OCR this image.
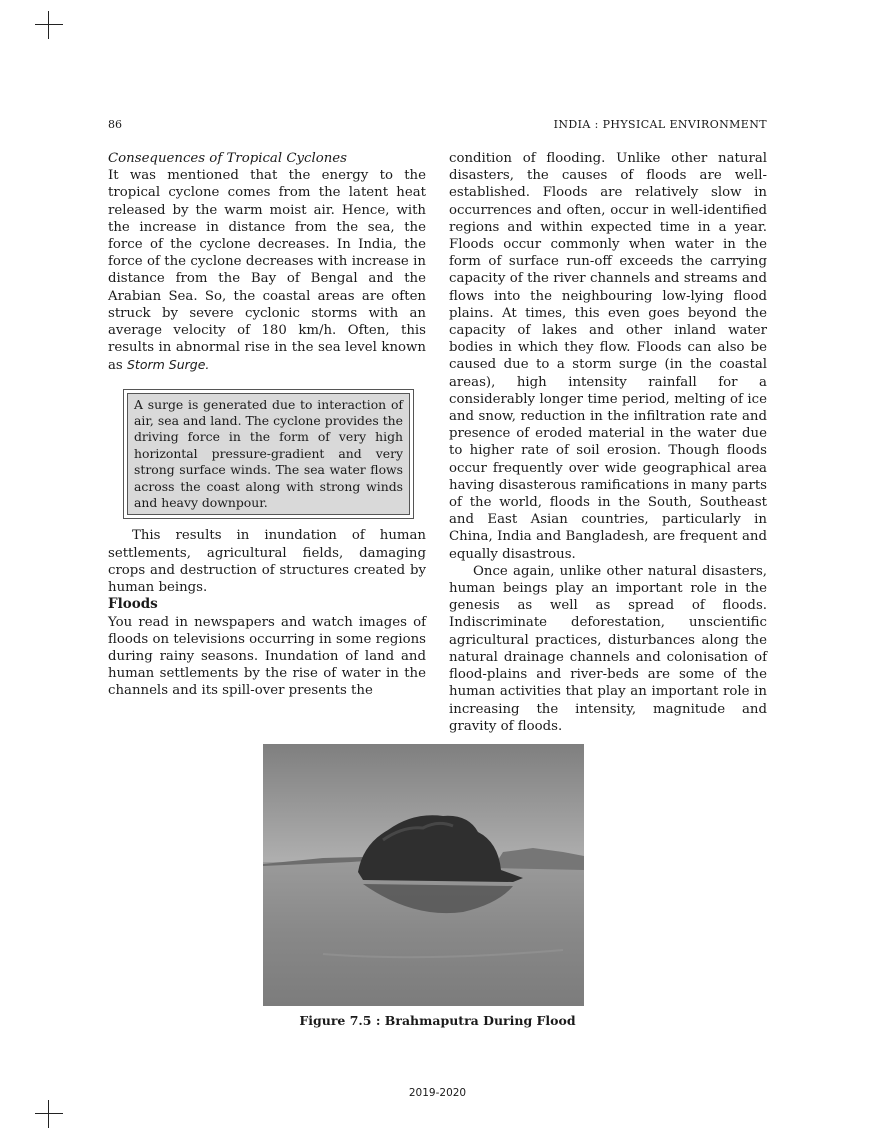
86	INDIA : PHYSICAL ENVIRONMENT

Consequences of Tropical Cyclones

It was mentioned that the energy to the tropical cyclone comes from the latent heat released by the warm moist air. Hence, with the increase in distance from the sea, the force of the cyclone decreases. In India, the force of the cyclone decreases with increase in distance from the Bay of Bengal and the Arabian Sea. So, the coastal areas are often struck by severe cyclonic storms with an average velocity of 180 km/h. Often, this results in abnormal rise in the sea level known as Storm Surge.

A surge is generated due to interaction of air, sea and land. The cyclone provides the driving force in the form of very high horizontal pressure-gradient and very strong surface winds. The sea water flows across the coast along with strong winds and heavy downpour.

This results in inundation of human settlements, agricultural fields, damaging crops and destruction of structures created by human beings.

Floods

You read in newspapers and watch images of floods on televisions occurring in some regions during rainy seasons. Inundation of land and human settlements by the rise of water in the channels and its spill-over presents the

condition of flooding. Unlike other natural disasters, the causes of floods are well-established. Floods are relatively slow in occurrences and often, occur in well-identified regions and within expected time in a year. Floods occur commonly when water in the form of surface run-off exceeds the carrying capacity of the river channels and streams and flows into the neighbouring low-lying flood plains. At times, this even goes beyond the capacity of lakes and other inland water bodies in which they flow. Floods can also be caused due to a storm surge (in the coastal areas), high intensity rainfall for a considerably longer time period, melting of ice and snow, reduction in the infiltration rate and presence of eroded material in the water due to higher rate of soil erosion. Though floods occur frequently over wide geographical area having disasterous ramifications in many parts of the world, floods in the South, Southeast and East Asian countries, particularly in China, India and Bangladesh, are frequent and equally disastrous.

Once again, unlike other natural disasters, human beings play an important role in the genesis as well as spread of floods. Indiscriminate deforestation, unscientific agricultural practices, disturbances along the natural drainage channels and colonisation of flood-plains and river-beds are some of the human activities that play an important role in increasing the intensity, magnitude and gravity of floods.

Figure 7.5 : Brahmaputra During Flood
2019-2020
